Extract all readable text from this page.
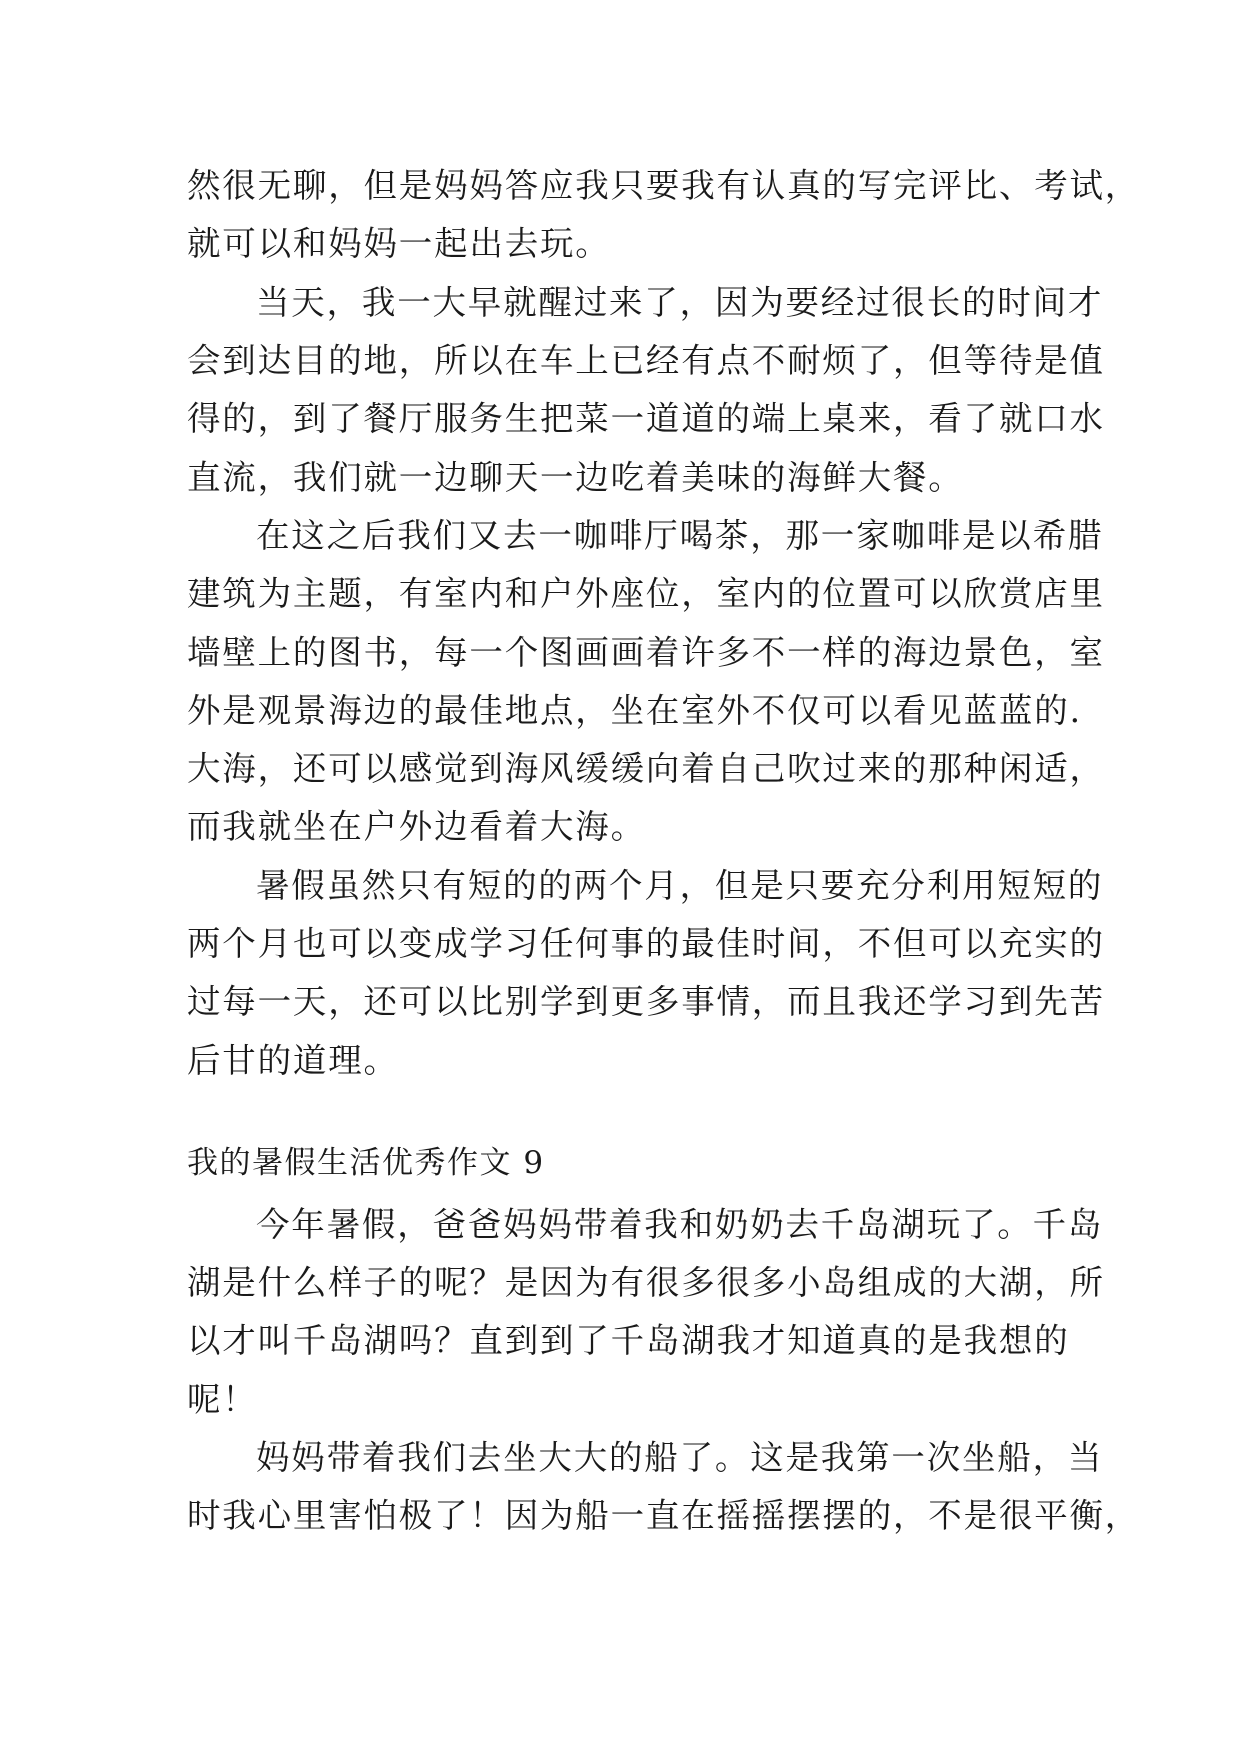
然很无聊，但是妈妈答应我只要我有认真的写完评比、考试，
就可以和妈妈一起出去玩。
当天，我一大早就醒过来了，因为要经过很长的时间才
会到达目的地，所以在车上已经有点不耐烦了，但等待是值
得的，到了餐厅服务生把菜一道道的端上桌来，看了就口水
直流，我们就一边聊天一边吃着美味的海鲜大餐。
在这之后我们又去一咖啡厅喝茶，那一家咖啡是以希腊
建筑为主题，有室内和户外座位，室内的位置可以欣赏店里
墙壁上的图书，每一个图画画着许多不一样的海边景色，室
外是观景海边的最佳地点，坐在室外不仅可以看见蓝蓝的.
大海，还可以感觉到海风缓缓向着自己吹过来的那种闲适，
而我就坐在户外边看着大海。
暑假虽然只有短的的两个月，但是只要充分利用短短的
两个月也可以变成学习任何事的最佳时间，不但可以充实的
过每一天，还可以比别学到更多事情，而且我还学习到先苦
后甘的道理。
我的暑假生活优秀作文 9
今年暑假，爸爸妈妈带着我和奶奶去千岛湖玩了。千岛
湖是什么样子的呢？是因为有很多很多小岛组成的大湖，所
以才叫千岛湖吗？直到到了千岛湖我才知道真的是我想的
呢！
妈妈带着我们去坐大大的船了。这是我第一次坐船，当
时我心里害怕极了！因为船一直在摇摇摆摆的，不是很平衡，
